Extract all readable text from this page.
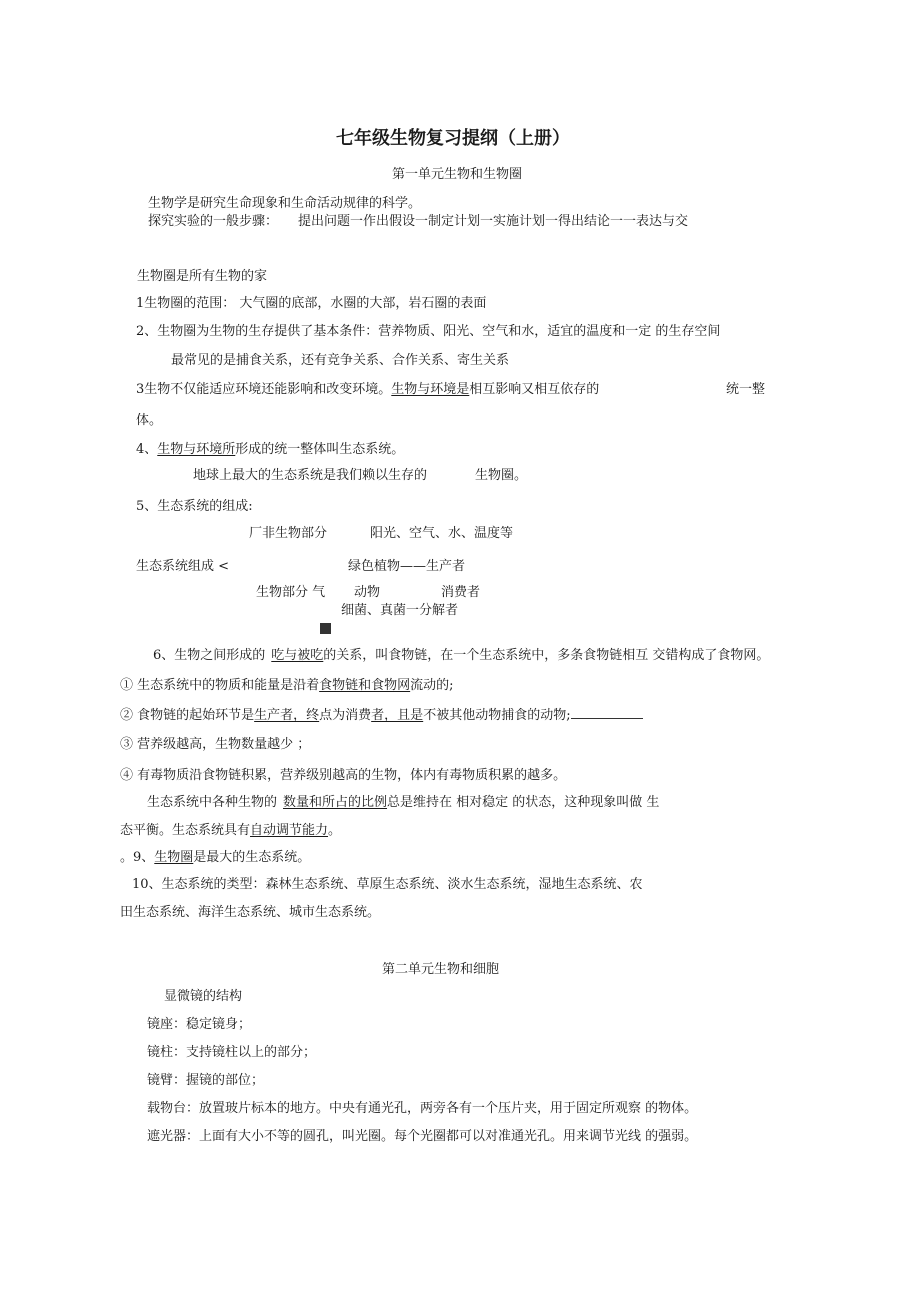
七年级生物复习提纲（上册）
第一单元生物和生物圈
生物学是研究生命现象和生命活动规律的科学。
探究实验的一般步骤： 提出问题一作出假设一制定计划一实施计划一得出结论一一表达与交
生物圈是所有生物的家
1生物圈的范围： 大气圈的底部，水圈的大部，岩石圈的表面
2、生物圈为生物的生存提供了基本条件：营养物质、阳光、空气和水，适宜的温度和一定 的生存空间
最常见的是捕食关系，还有竞争关系、合作关系、寄生关系
3生物不仅能适应环境还能影响和改变环境。生物与环境是相互影响又相互依存的	统一整
体。
4、生物与环境所形成的统一整体叫生态系统。
地球上最大的生态系统是我们赖以生存的	生物圈。
5、生态系统的组成:
厂非生物部分	阳光、空气、水、温度等
生态系统组成 <	绿色植物——生产者
生物部分 气 动物	消费者
细菌、真菌一分解者
6、生物之间形成的 吃与被吃的关系，叫食物链，在一个生态系统中，多条食物链相互 交错构成了食物网。
① 生态系统中的物质和能量是沿着食物链和食物网流动的;
② 食物链的起始环节是生产者，终点为消费者，且是不被其他动物捕食的动物;
③ 营养级越高，生物数量越少 ；
④ 有毒物质沿食物链积累，营养级别越高的生物，体内有毒物质积累的越多。
生态系统中各种生物的 数量和所占的比例总是维持在 相对稳定 的状态，这种现象叫做 生
态平衡。生态系统具有自动调节能力。
。9、生物圈是最大的生态系统。
10、生态系统的类型：森林生态系统、草原生态系统、淡水生态系统，湿地生态系统、农
田生态系统、海洋生态系统、城市生态系统。
第二单元生物和细胞
显微镜的结构
镜座：稳定镜身；
镜柱：支持镜柱以上的部分；
镜臂：握镜的部位；
载物台：放置玻片标本的地方。中央有通光孔，两旁各有一个压片夹，用于固定所观察 的物体。
遮光器：上面有大小不等的圆孔，叫光圈。每个光圈都可以对准通光孔。用来调节光线 的强弱。
